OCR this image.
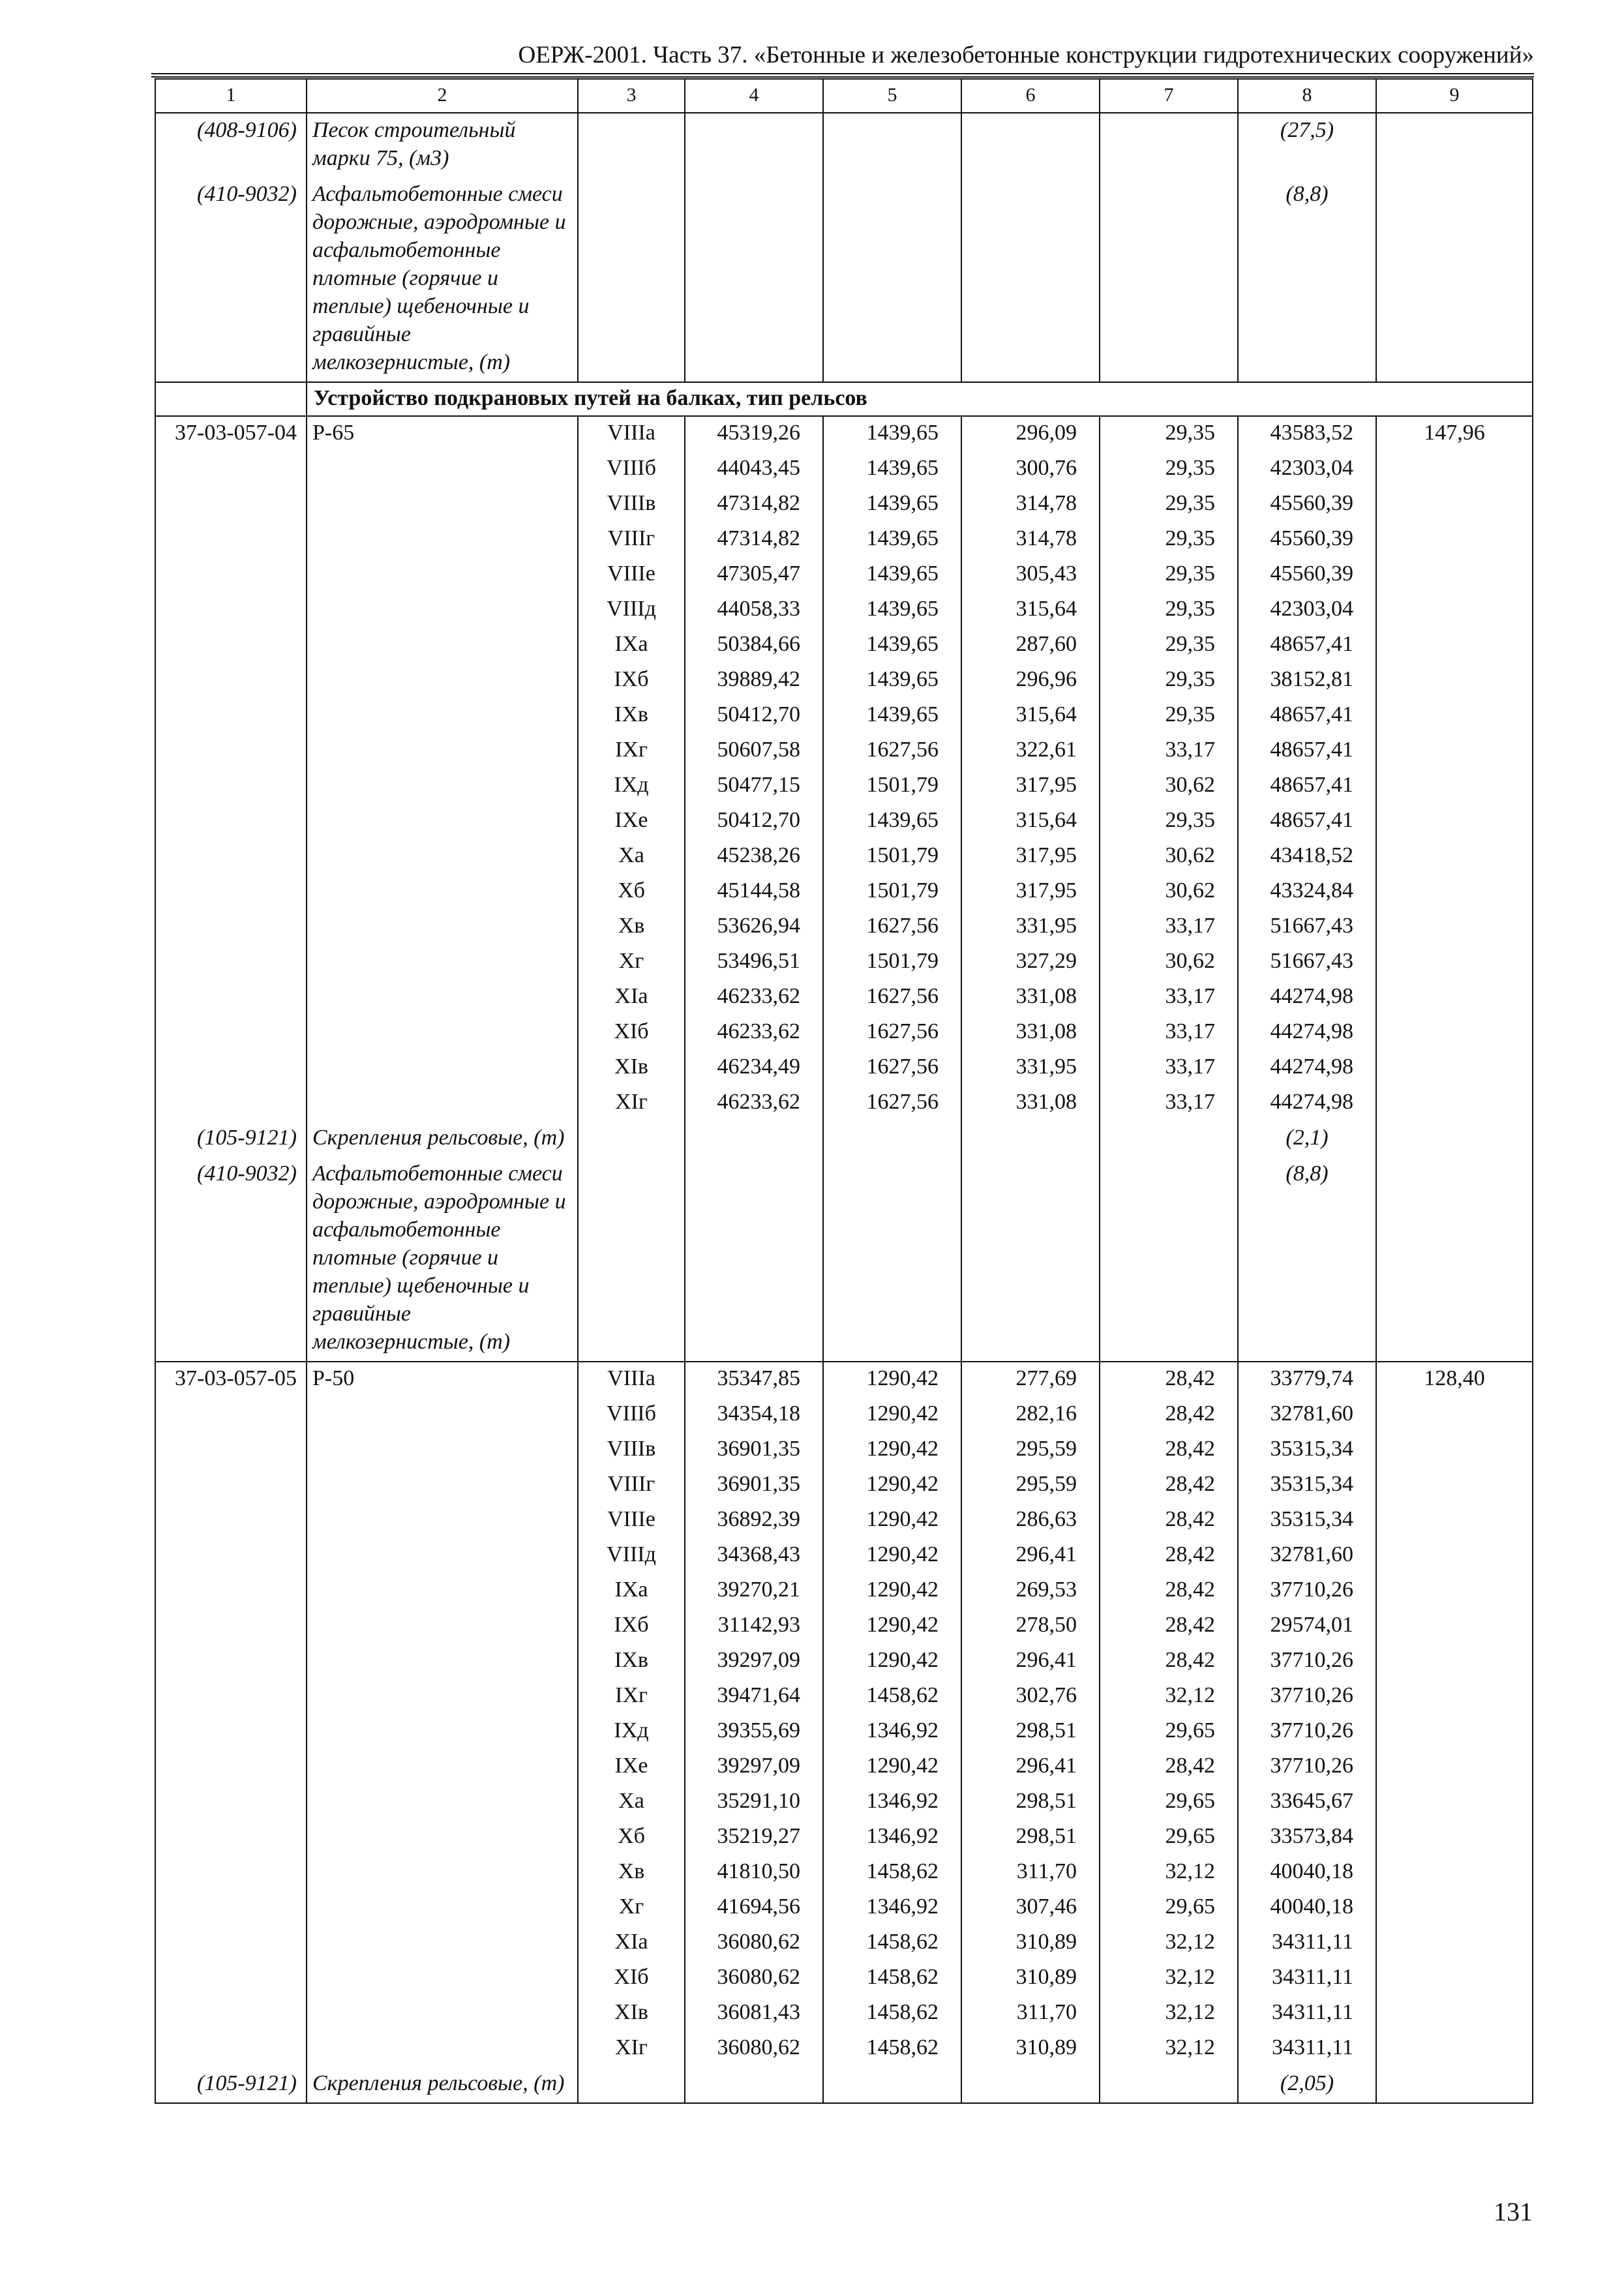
ОЕРЖ-2001. Часть 37. «Бетонные и железобетонные конструкции гидротехнических сооружений»
1	2	3	4	5	6	7	8	9
(408-9106)	Песок строительный марки 75, (м3)						(27,5)	
(410-9032)	Асфальтобетонные смеси дорожные, аэродромные и асфальтобетонные плотные (горячие и теплые) щебеночные и гравийные мелкозернистые, (т)						(8,8)	
	Устройство подкрановых путей на балках, тип рельсов							
37-03-057-04	Р-65	VIIIа	45319,26	1439,65	296,09	29,35	43583,52	147,96
		VIIIб	44043,45	1439,65	300,76	29,35	42303,04	
		VIIIв	47314,82	1439,65	314,78	29,35	45560,39	
		VIIIг	47314,82	1439,65	314,78	29,35	45560,39	
		VIIIе	47305,47	1439,65	305,43	29,35	45560,39	
		VIIIд	44058,33	1439,65	315,64	29,35	42303,04	
		IXа	50384,66	1439,65	287,60	29,35	48657,41	
		IXб	39889,42	1439,65	296,96	29,35	38152,81	
		IXв	50412,70	1439,65	315,64	29,35	48657,41	
		IXг	50607,58	1627,56	322,61	33,17	48657,41	
		IXд	50477,15	1501,79	317,95	30,62	48657,41	
		IXе	50412,70	1439,65	315,64	29,35	48657,41	
		Xа	45238,26	1501,79	317,95	30,62	43418,52	
		Xб	45144,58	1501,79	317,95	30,62	43324,84	
		Xв	53626,94	1627,56	331,95	33,17	51667,43	
		Xг	53496,51	1501,79	327,29	30,62	51667,43	
		XIа	46233,62	1627,56	331,08	33,17	44274,98	
		XIб	46233,62	1627,56	331,08	33,17	44274,98	
		XIв	46234,49	1627,56	331,95	33,17	44274,98	
		XIг	46233,62	1627,56	331,08	33,17	44274,98	
(105-9121)	Скрепления рельсовые, (т)						(2,1)	
(410-9032)	Асфальтобетонные смеси дорожные, аэродромные и асфальтобетонные плотные (горячие и теплые) щебеночные и гравийные мелкозернистые, (т)						(8,8)	
37-03-057-05	Р-50	VIIIа	35347,85	1290,42	277,69	28,42	33779,74	128,40
		VIIIб	34354,18	1290,42	282,16	28,42	32781,60	
		VIIIв	36901,35	1290,42	295,59	28,42	35315,34	
		VIIIг	36901,35	1290,42	295,59	28,42	35315,34	
		VIIIе	36892,39	1290,42	286,63	28,42	35315,34	
		VIIIд	34368,43	1290,42	296,41	28,42	32781,60	
		IXа	39270,21	1290,42	269,53	28,42	37710,26	
		IXб	31142,93	1290,42	278,50	28,42	29574,01	
		IXв	39297,09	1290,42	296,41	28,42	37710,26	
		IXг	39471,64	1458,62	302,76	32,12	37710,26	
		IXд	39355,69	1346,92	298,51	29,65	37710,26	
		IXе	39297,09	1290,42	296,41	28,42	37710,26	
		Xа	35291,10	1346,92	298,51	29,65	33645,67	
		Xб	35219,27	1346,92	298,51	29,65	33573,84	
		Xв	41810,50	1458,62	311,70	32,12	40040,18	
		Xг	41694,56	1346,92	307,46	29,65	40040,18	
		XIа	36080,62	1458,62	310,89	32,12	34311,11	
		XIб	36080,62	1458,62	310,89	32,12	34311,11	
		XIв	36081,43	1458,62	311,70	32,12	34311,11	
		XIг	36080,62	1458,62	310,89	32,12	34311,11	
(105-9121)	Скрепления рельсовые, (т)						(2,05)	
131
